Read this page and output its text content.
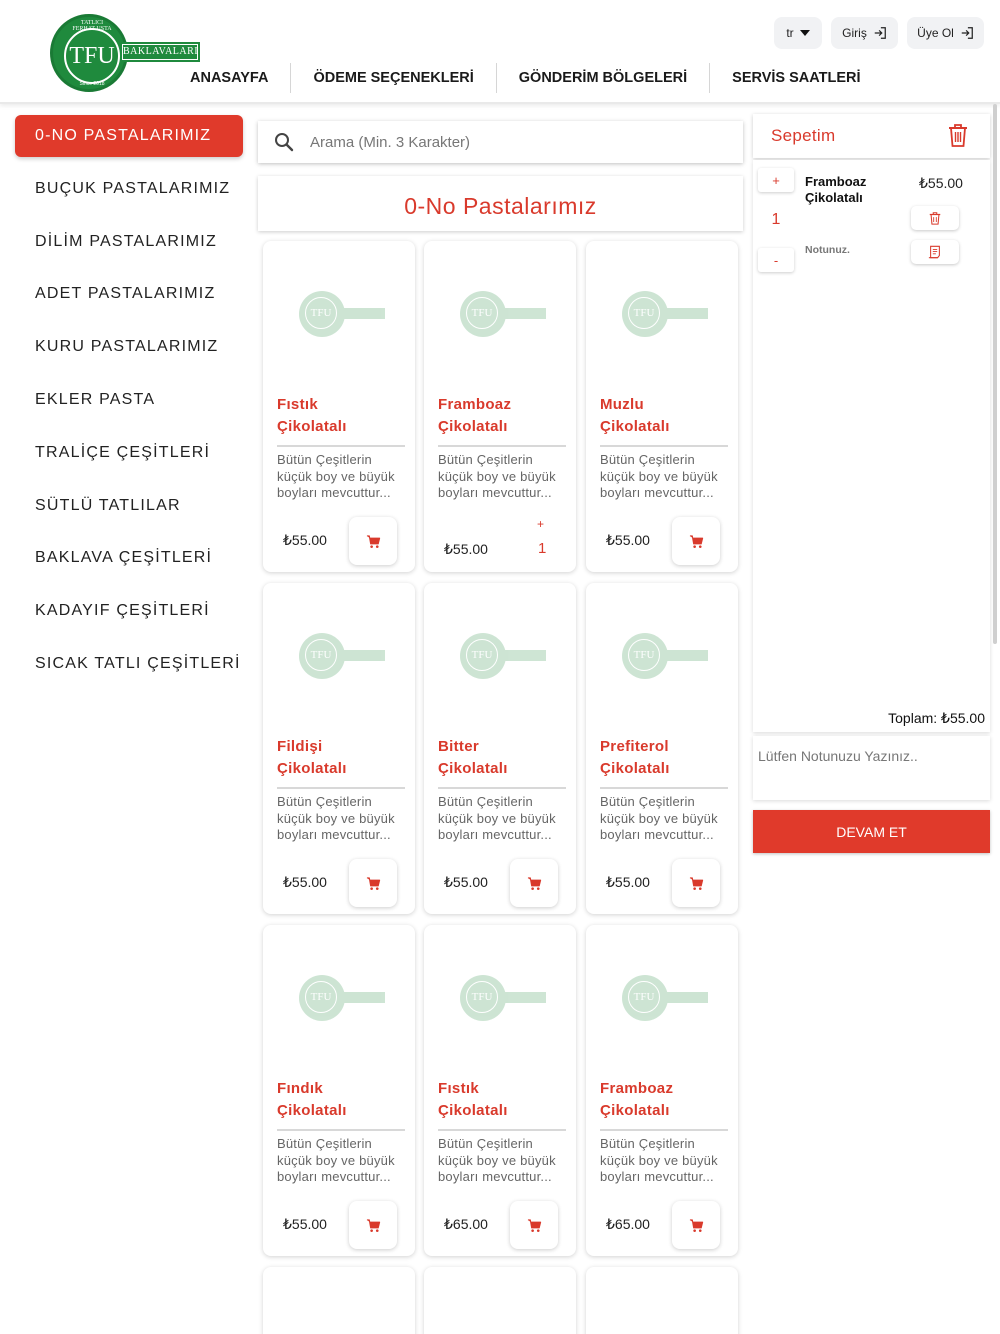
TATLICI FERHAT USTA
TFU
Since 2018
BAKLAVALARI
ANASAYFA	ÖDEME SEÇENEKLERİ	GÖNDERİM BÖLGELERİ	SERVİS SAATLERİ
tr	Giriş	Üye Ol
0-NO PASTALARIMIZ
BUÇUK PASTALARIMIZ
DİLİM PASTALARIMIZ
ADET PASTALARIMIZ
KURU PASTALARIMIZ
EKLER PASTA
TRALİÇE ÇEŞİTLERİ
SÜTLÜ TATLILAR
BAKLAVA ÇEŞİTLERİ
KADAYIF ÇEŞİTLERİ
SICAK TATLI ÇEŞİTLERİ
Arama (Min. 3 Karakter)
0-No Pastalarımız
TFU
Fıstık
Çikolatalı
Bütün Çeşitlerin
küçük boy ve büyük
boyları mevcuttur...
₺55.00
TFU
Framboaz
Çikolatalı
Bütün Çeşitlerin
küçük boy ve büyük
boyları mevcuttur...
₺55.00
+
1
TFU
Muzlu
Çikolatalı
Bütün Çeşitlerin
küçük boy ve büyük
boyları mevcuttur...
₺55.00
TFU
Fildişi
Çikolatalı
Bütün Çeşitlerin
küçük boy ve büyük
boyları mevcuttur...
₺55.00
TFU
Bitter
Çikolatalı
Bütün Çeşitlerin
küçük boy ve büyük
boyları mevcuttur...
₺55.00
TFU
Prefiterol
Çikolatalı
Bütün Çeşitlerin
küçük boy ve büyük
boyları mevcuttur...
₺55.00
TFU
Fındık
Çikolatalı
Bütün Çeşitlerin
küçük boy ve büyük
boyları mevcuttur...
₺55.00
TFU
Fıstık
Çikolatalı
Bütün Çeşitlerin
küçük boy ve büyük
boyları mevcuttur...
₺65.00
TFU
Framboaz
Çikolatalı
Bütün Çeşitlerin
küçük boy ve büyük
boyları mevcuttur...
₺65.00
Sepetim
+
1
-
Framboaz
Çikolatalı
₺55.00
Notunuz.
Toplam: ₺55.00
Lütfen Notunuzu Yazınız..
DEVAM ET
